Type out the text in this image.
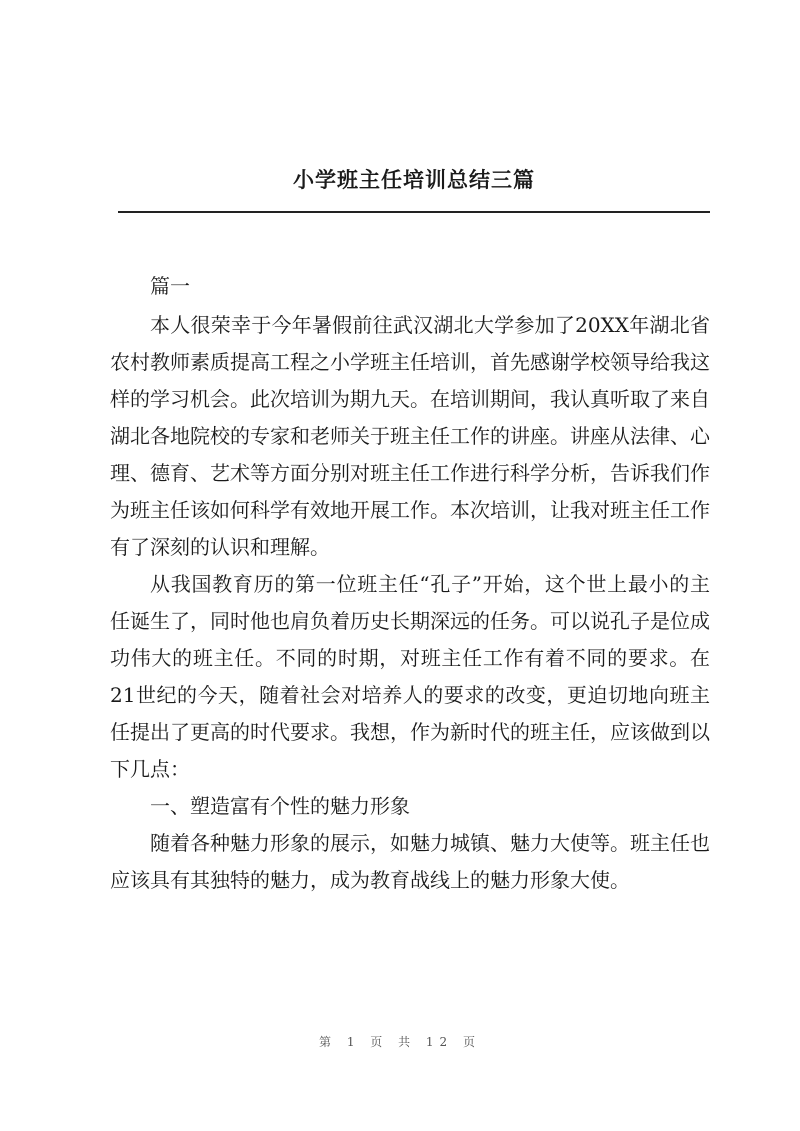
小学班主任培训总结三篇

篇一

本人很荣幸于今年暑假前往武汉湖北大学参加了20XX年湖北省农村教师素质提高工程之小学班主任培训，首先感谢学校领导给我这样的学习机会。此次培训为期九天。在培训期间，我认真听取了来自湖北各地院校的专家和老师关于班主任工作的讲座。讲座从法律、心理、德育、艺术等方面分别对班主任工作进行科学分析，告诉我们作为班主任该如何科学有效地开展工作。本次培训，让我对班主任工作有了深刻的认识和理解。

从我国教育历的第一位班主任“孔子”开始，这个世上最小的主任诞生了，同时他也肩负着历史长期深远的任务。可以说孔子是位成功伟大的班主任。不同的时期，对班主任工作有着不同的要求。在21世纪的今天，随着社会对培养人的要求的改变，更迫切地向班主任提出了更高的时代要求。我想，作为新时代的班主任，应该做到以下几点：

一、塑造富有个性的魅力形象

随着各种魅力形象的展示，如魅力城镇、魅力大使等。班主任也应该具有其独特的魅力，成为教育战线上的魅力形象大使。

第 1 页 共 12 页
